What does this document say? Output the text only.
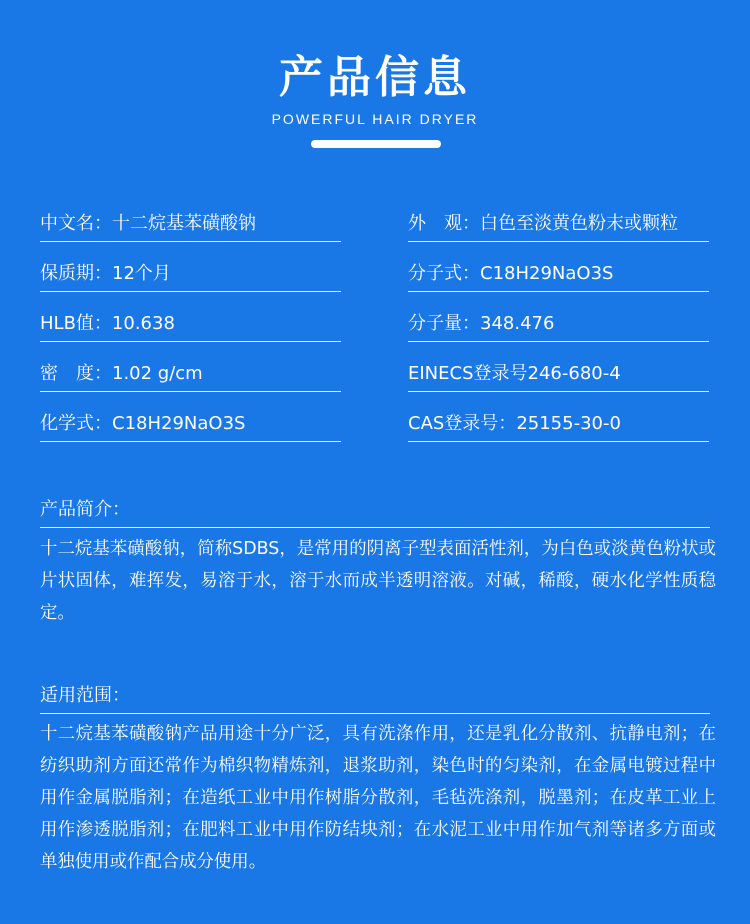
产品信息
POWERFUL HAIR DRYER
中文名：十二烷基苯磺酸钠
保质期：12个月
HLB值：10.638
密　度：1.02 g/cm
化学式：C18H29NaO3S
外　观：白色至淡黄色粉末或颗粒
分子式：C18H29NaO3S
分子量：348.476
EINECS登录号246-680-4
CAS登录号：25155-30-0
产品简介：
十二烷基苯磺酸钠，简称SDBS，是常用的阴离子型表面活性剂，为白色或淡黄色粉状或片状固体，难挥发，易溶于水，溶于水而成半透明溶液。对碱，稀酸，硬水化学性质稳定。
适用范围：
十二烷基苯磺酸钠产品用途十分广泛，具有洗涤作用，还是乳化分散剂、抗静电剂；在纺织助剂方面还常作为棉织物精炼剂，退浆助剂，染色时的匀染剂，在金属电镀过程中用作金属脱脂剂；在造纸工业中用作树脂分散剂，毛毡洗涤剂，脱墨剂；在皮革工业上用作渗透脱脂剂；在肥料工业中用作防结块剂；在水泥工业中用作加气剂等诸多方面或单独使用或作配合成分使用。
